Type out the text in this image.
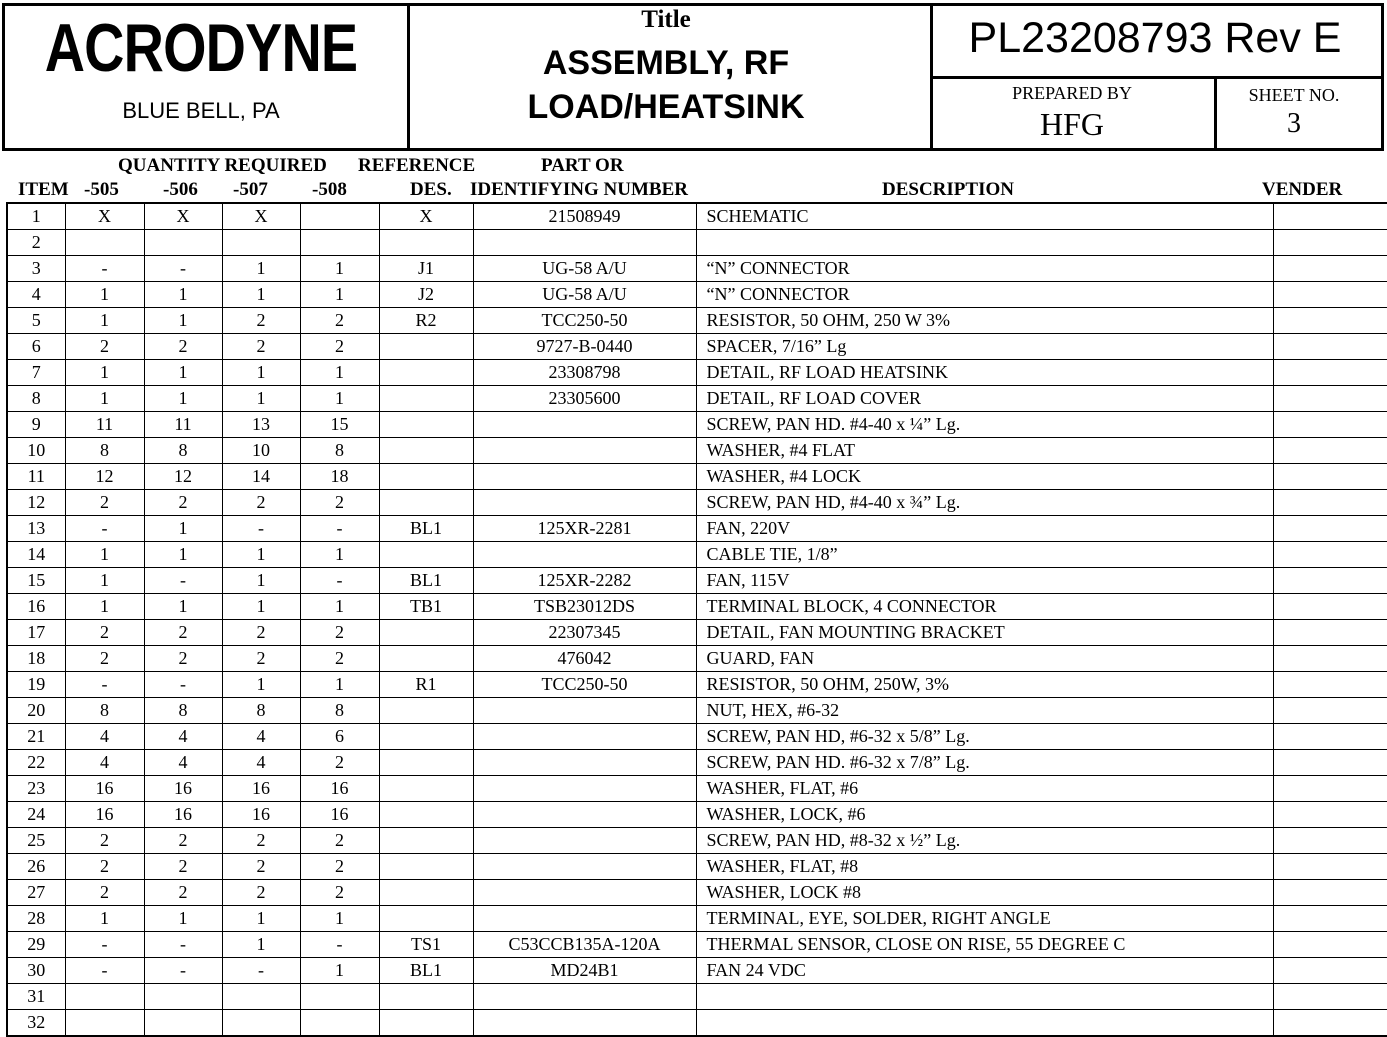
ACRODYNE
BLUE BELL, PA
Title
ASSEMBLY, RF
LOAD/HEATSINK
PL23208793 Rev E
PREPARED BY
HFG
SHEET NO.
3
QUANTITY REQUIRED REFERENCE	PART OR
ITEM -505 -506 -507 -508	DES. IDENTIFYING NUMBER	DESCRIPTION	VENDER
1	X	X	X		X	21508949	SCHEMATIC	
2								
3	-	-	1	1	J1	UG-58 A/U	“N” CONNECTOR	
4	1	1	1	1	J2	UG-58 A/U	“N” CONNECTOR	
5	1	1	2	2	R2	TCC250-50	RESISTOR, 50 OHM, 250 W 3%	
6	2	2	2	2		9727-B-0440	SPACER, 7/16” Lg	
7	1	1	1	1		23308798	DETAIL, RF LOAD HEATSINK	
8	1	1	1	1		23305600	DETAIL, RF LOAD COVER	
9	11	11	13	15			SCREW, PAN HD. #4-40 x ¼” Lg.	
10	8	8	10	8			WASHER, #4 FLAT	
11	12	12	14	18			WASHER, #4 LOCK	
12	2	2	2	2			SCREW, PAN HD, #4-40 x ¾” Lg.	
13	-	1	-	-	BL1	125XR-2281	FAN, 220V	
14	1	1	1	1			CABLE TIE, 1/8”	
15	1	-	1	-	BL1	125XR-2282	FAN, 115V	
16	1	1	1	1	TB1	TSB23012DS	TERMINAL BLOCK, 4 CONNECTOR	
17	2	2	2	2		22307345	DETAIL, FAN MOUNTING BRACKET	
18	2	2	2	2		476042	GUARD, FAN	
19	-	-	1	1	R1	TCC250-50	RESISTOR, 50 OHM, 250W, 3%	
20	8	8	8	8			NUT, HEX, #6-32	
21	4	4	4	6			SCREW, PAN HD, #6-32 x 5/8” Lg.	
22	4	4	4	2			SCREW, PAN HD. #6-32 x 7/8” Lg.	
23	16	16	16	16			WASHER, FLAT, #6	
24	16	16	16	16			WASHER, LOCK, #6	
25	2	2	2	2			SCREW, PAN HD, #8-32 x ½” Lg.	
26	2	2	2	2			WASHER, FLAT, #8	
27	2	2	2	2			WASHER, LOCK #8	
28	1	1	1	1			TERMINAL, EYE, SOLDER, RIGHT ANGLE	
29	-	-	1	-	TS1	C53CCB135A-120A	THERMAL SENSOR, CLOSE ON RISE, 55 DEGREE C	
30	-	-	-	1	BL1	MD24B1	FAN 24 VDC	
31								
32								
